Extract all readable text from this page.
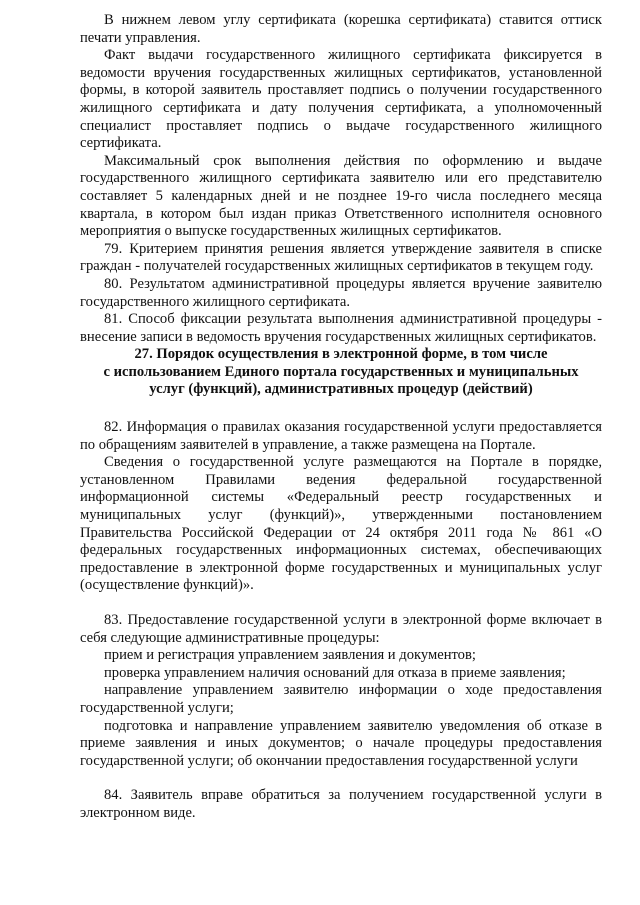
В нижнем левом углу сертификата (корешка сертификата) ставится оттиск печати управления.

Факт выдачи государственного жилищного сертификата фиксируется в ведомости вручения государственных жилищных сертификатов, установленной формы, в которой заявитель проставляет подпись о получении государственного жилищного сертификата и дату получения сертификата, а уполномоченный специалист проставляет подпись о выдаче государственного жилищного сертификата.

Максимальный срок выполнения действия по оформлению и выдаче государственного жилищного сертификата заявителю или его представителю составляет 5 календарных дней и не позднее 19-го числа последнего месяца квартала, в котором был издан приказ Ответственного исполнителя основного мероприятия о выпуске государственных жилищных сертификатов.

79. Критерием принятия решения является утверждение заявителя в списке граждан - получателей государственных жилищных сертификатов в текущем году.

80. Результатом административной процедуры является вручение заявителю государственного жилищного сертификата.

81. Способ фиксации результата выполнения административной процедуры - внесение записи в ведомость вручения государственных жилищных сертификатов.

27. Порядок осуществления в электронной форме, в том числе
с использованием Единого портала государственных и муниципальных
услуг (функций), административных процедур (действий)

82. Информация о правилах оказания государственной услуги предоставляется по обращениям заявителей в управление, а также размещена на Портале.

Сведения о государственной услуге размещаются на Портале в порядке, установленном Правилами ведения федеральной государственной информационной системы «Федеральный реестр государственных и муниципальных услуг (функций)», утвержденными постановлением Правительства Российской Федерации от 24 октября 2011 года № 861 «О федеральных государственных информационных системах, обеспечивающих предоставление в электронной форме государственных и муниципальных услуг (осуществление функций)».

83. Предоставление государственной услуги в электронной форме включает в себя следующие административные процедуры:

прием и регистрация управлением заявления и документов;

проверка управлением наличия оснований для отказа в приеме заявления;

направление управлением заявителю информации о ходе предоставления государственной услуги;

подготовка и направление управлением заявителю уведомления об отказе в приеме заявления и иных документов; о начале процедуры предоставления государственной услуги; об окончании предоставления государственной услуги

84. Заявитель вправе обратиться за получением государственной услуги в электронном виде.
